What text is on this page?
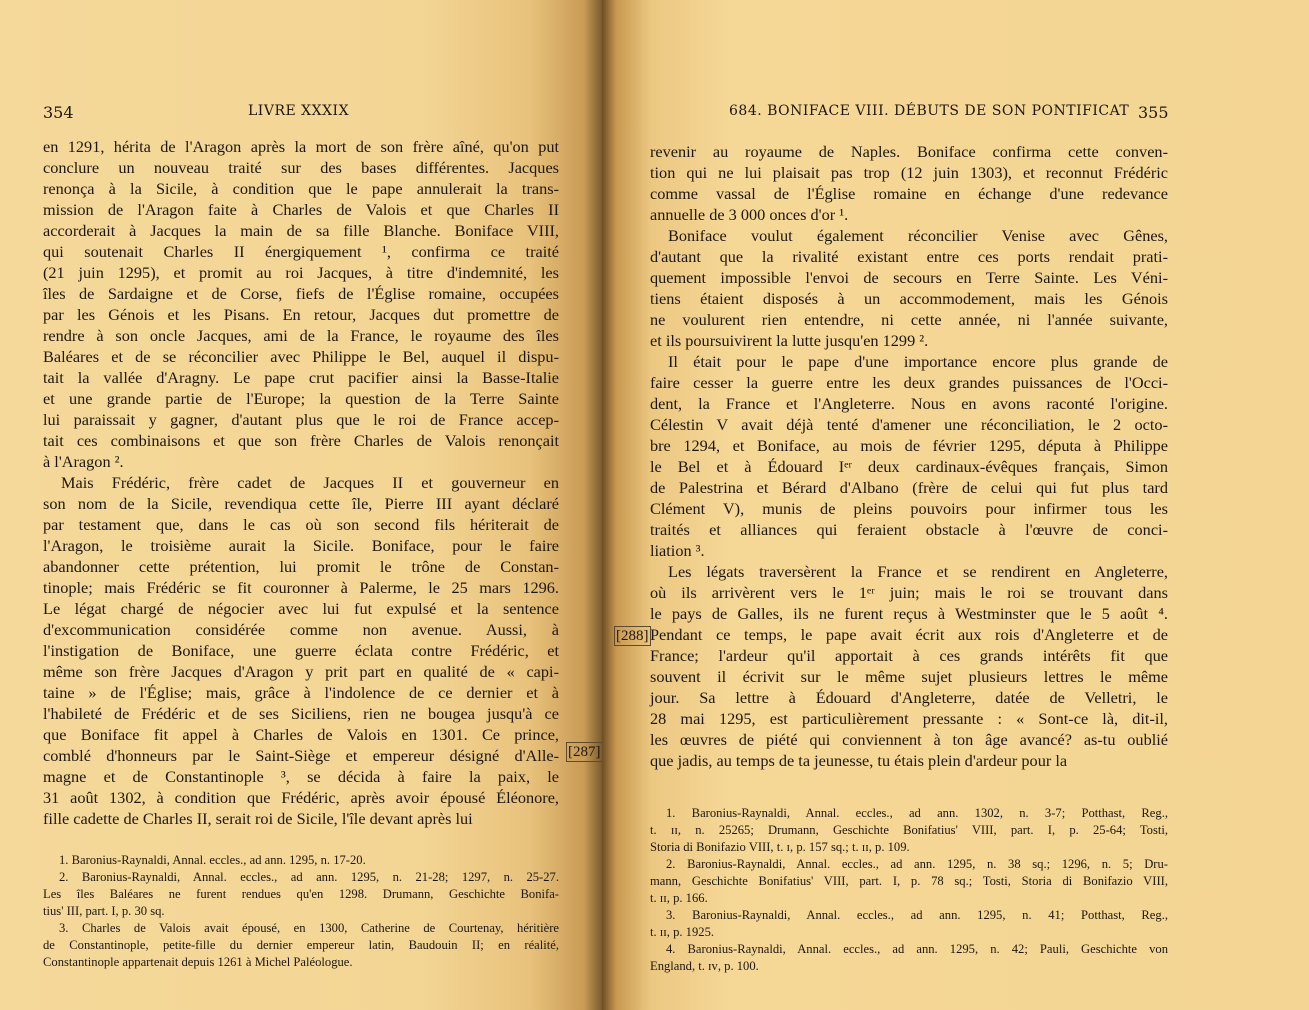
354	LIVRE XXXIX
en 1291, hérita de l'Aragon après la mort de son frère aîné, qu'on put
conclure un nouveau traité sur des bases différentes. Jacques
renonça à la Sicile, à condition que le pape annulerait la trans-
mission de l'Aragon faite à Charles de Valois et que Charles II
accorderait à Jacques la main de sa fille Blanche. Boniface VIII,
qui soutenait Charles II énergiquement ¹, confirma ce traité
(21 juin 1295), et promit au roi Jacques, à titre d'indemnité, les
îles de Sardaigne et de Corse, fiefs de l'Église romaine, occupées
par les Génois et les Pisans. En retour, Jacques dut promettre de
rendre à son oncle Jacques, ami de la France, le royaume des îles
Baléares et de se réconcilier avec Philippe le Bel, auquel il dispu-
tait la vallée d'Aragny. Le pape crut pacifier ainsi la Basse-Italie
et une grande partie de l'Europe; la question de la Terre Sainte
lui paraissait y gagner, d'autant plus que le roi de France accep-
tait ces combinaisons et que son frère Charles de Valois renonçait
à l'Aragon ².
Mais Frédéric, frère cadet de Jacques II et gouverneur en
son nom de la Sicile, revendiqua cette île, Pierre III ayant déclaré
par testament que, dans le cas où son second fils hériterait de
l'Aragon, le troisième aurait la Sicile. Boniface, pour le faire
abandonner cette prétention, lui promit le trône de Constan-
tinople; mais Frédéric se fit couronner à Palerme, le 25 mars 1296.
Le légat chargé de négocier avec lui fut expulsé et la sentence
d'excommunication considérée comme non avenue. Aussi, à
l'instigation de Boniface, une guerre éclata contre Frédéric, et
même son frère Jacques d'Aragon y prit part en qualité de « capi-
taine » de l'Église; mais, grâce à l'indolence de ce dernier et à
l'habileté de Frédéric et de ses Siciliens, rien ne bougea jusqu'à ce
que Boniface fit appel à Charles de Valois en 1301. Ce prince,
comblé d'honneurs par le Saint-Siège et empereur désigné d'Alle-
magne et de Constantinople ³, se décida à faire la paix, le
31 août 1302, à condition que Frédéric, après avoir épousé Éléonore,
fille cadette de Charles II, serait roi de Sicile, l'île devant après lui
1. Baronius-Raynaldi, Annal. eccles., ad ann. 1295, n. 17-20.
2. Baronius-Raynaldi, Annal. eccles., ad ann. 1295, n. 21-28; 1297, n. 25-27.
Les îles Baléares ne furent rendues qu'en 1298. Drumann, Geschichte Bonifa-
tius' III, part. I, p. 30 sq.
3. Charles de Valois avait épousé, en 1300, Catherine de Courtenay, héritière
de Constantinople, petite-fille du dernier empereur latin, Baudouin II; en réalité,
Constantinople appartenait depuis 1261 à Michel Paléologue.
[287]
684. BONIFACE VIII. DÉBUTS DE SON PONTIFICAT 355
revenir au royaume de Naples. Boniface confirma cette conven-
tion qui ne lui plaisait pas trop (12 juin 1303), et reconnut Frédéric
comme vassal de l'Église romaine en échange d'une redevance
annuelle de 3 000 onces d'or ¹.
Boniface voulut également réconcilier Venise avec Gênes,
d'autant que la rivalité existant entre ces ports rendait prati-
quement impossible l'envoi de secours en Terre Sainte. Les Véni-
tiens étaient disposés à un accommodement, mais les Génois
ne voulurent rien entendre, ni cette année, ni l'année suivante,
et ils poursuivirent la lutte jusqu'en 1299 ².
Il était pour le pape d'une importance encore plus grande de
faire cesser la guerre entre les deux grandes puissances de l'Occi-
dent, la France et l'Angleterre. Nous en avons raconté l'origine.
Célestin V avait déjà tenté d'amener une réconciliation, le 2 octo-
bre 1294, et Boniface, au mois de février 1295, députa à Philippe
le Bel et à Édouard Iᵉʳ deux cardinaux-évêques français, Simon
de Palestrina et Bérard d'Albano (frère de celui qui fut plus tard
Clément V), munis de pleins pouvoirs pour infirmer tous les
traités et alliances qui feraient obstacle à l'œuvre de conci-
liation ³.
Les légats traversèrent la France et se rendirent en Angleterre,
où ils arrivèrent vers le 1ᵉʳ juin; mais le roi se trouvant dans
le pays de Galles, ils ne furent reçus à Westminster que le 5 août ⁴.
Pendant ce temps, le pape avait écrit aux rois d'Angleterre et de
France; l'ardeur qu'il apportait à ces grands intérêts fit que
souvent il écrivit sur le même sujet plusieurs lettres le même
jour. Sa lettre à Édouard d'Angleterre, datée de Velletri, le
28 mai 1295, est particulièrement pressante : « Sont-ce là, dit-il,
les œuvres de piété qui conviennent à ton âge avancé? as-tu oublié
que jadis, au temps de ta jeunesse, tu étais plein d'ardeur pour la
1. Baronius-Raynaldi, Annal. eccles., ad ann. 1302, n. 3-7; Potthast, Reg.,
t. ɪɪ, n. 25265; Drumann, Geschichte Bonifatius' VIII, part. I, p. 25-64; Tosti,
Storia di Bonifazio VIII, t. ɪ, p. 157 sq.; t. ɪɪ, p. 109.
2. Baronius-Raynaldi, Annal. eccles., ad ann. 1295, n. 38 sq.; 1296, n. 5; Dru-
mann, Geschichte Bonifatius' VIII, part. I, p. 78 sq.; Tosti, Storia di Bonifazio VIII,
t. ɪɪ, p. 166.
3. Baronius-Raynaldi, Annal. eccles., ad ann. 1295, n. 41; Potthast, Reg.,
t. ɪɪ, p. 1925.
4. Baronius-Raynaldi, Annal. eccles., ad ann. 1295, n. 42; Pauli, Geschichte von
England, t. ɪᴠ, p. 100.
[288]
